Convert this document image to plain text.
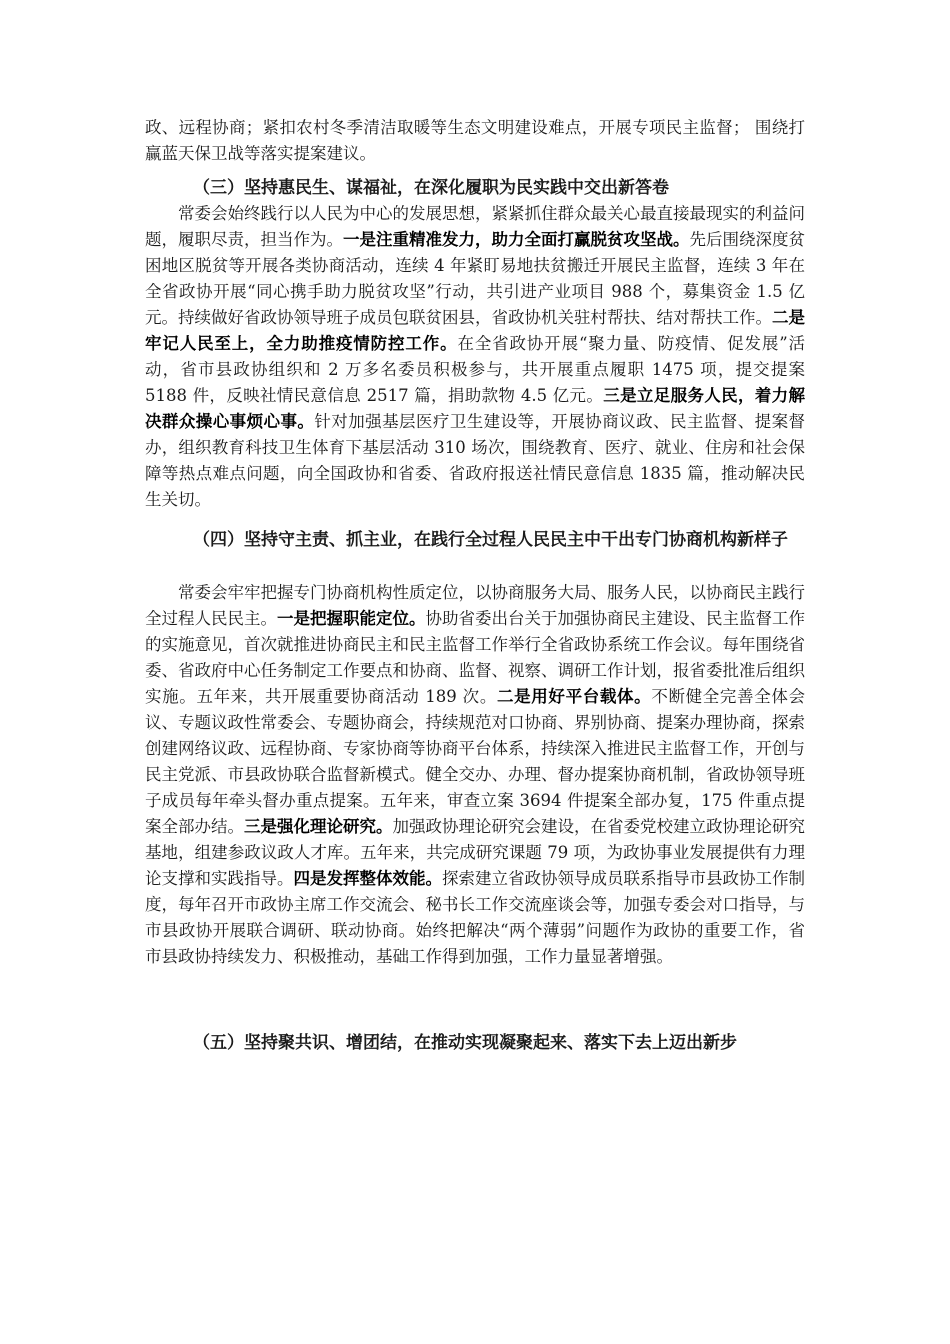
政、远程协商；紧扣农村冬季清洁取暖等生态文明建设难点，开展专项民主监督； 围绕打赢蓝天保卫战等落实提案建议。
（三）坚持惠民生、谋福祉，在深化履职为民实践中交出新答卷
常委会始终践行以人民为中心的发展思想，紧紧抓住群众最关心最直接最现实的利益问题，履职尽责，担当作为。一是注重精准发力，助力全面打赢脱贫攻坚战。先后围绕深度贫困地区脱贫等开展各类协商活动，连续 4 年紧盯易地扶贫搬迁开展民主监督，连续 3 年在全省政协开展“同心携手助力脱贫攻坚”行动，共引进产业项目 988 个，募集资金 1.5 亿元。持续做好省政协领导班子成员包联贫困县，省政协机关驻村帮扶、结对帮扶工作。二是牢记人民至上，全力助推疫情防控工作。在全省政协开展“聚力量、防疫情、促发展”活动，省市县政协组织和 2 万多名委员积极参与，共开展重点履职 1475 项，提交提案 5188 件，反映社情民意信息 2517 篇，捐助款物 4.5 亿元。三是立足服务人民，着力解决群众操心事烦心事。针对加强基层医疗卫生建设等，开展协商议政、民主监督、提案督办，组织教育科技卫生体育下基层活动 310 场次，围绕教育、医疗、就业、住房和社会保障等热点难点问题，向全国政协和省委、省政府报送社情民意信息 1835 篇，推动解决民生关切。
（四）坚持守主责、抓主业，在践行全过程人民民主中干出专门协商机构新样子
常委会牢牢把握专门协商机构性质定位，以协商服务大局、服务人民，以协商民主践行全过程人民民主。一是把握职能定位。协助省委出台关于加强协商民主建设、民主监督工作的实施意见，首次就推进协商民主和民主监督工作举行全省政协系统工作会议。每年围绕省委、省政府中心任务制定工作要点和协商、监督、视察、调研工作计划，报省委批准后组织实施。五年来，共开展重要协商活动 189 次。二是用好平台载体。不断健全完善全体会议、专题议政性常委会、专题协商会，持续规范对口协商、界别协商、提案办理协商，探索创建网络议政、远程协商、专家协商等协商平台体系，持续深入推进民主监督工作，开创与民主党派、市县政协联合监督新模式。健全交办、办理、督办提案协商机制，省政协领导班子成员每年牵头督办重点提案。五年来，审查立案 3694 件提案全部办复，175 件重点提案全部办结。三是强化理论研究。加强政协理论研究会建设，在省委党校建立政协理论研究基地，组建参政议政人才库。五年来，共完成研究课题 79 项，为政协事业发展提供有力理论支撑和实践指导。四是发挥整体效能。探索建立省政协领导成员联系指导市县政协工作制度，每年召开市政协主席工作交流会、秘书长工作交流座谈会等，加强专委会对口指导，与市县政协开展联合调研、联动协商。始终把解决“两个薄弱”问题作为政协的重要工作，省市县政协持续发力、积极推动，基础工作得到加强，工作力量显著增强。
（五）坚持聚共识、增团结，在推动实现凝聚起来、落实下去上迈出新步
